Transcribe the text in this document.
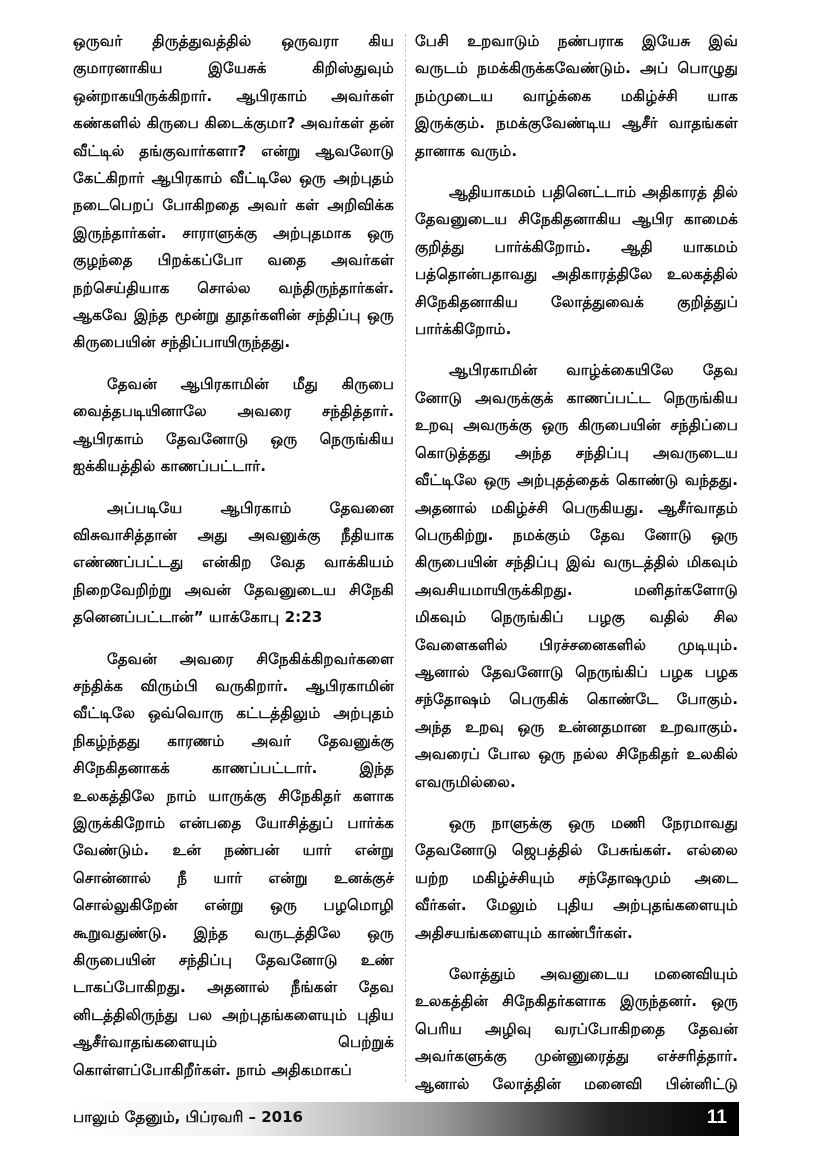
ஒருவர் திருத்துவத்தில் ஒருவரா கிய குமாரனாகிய இயேசுக் கிறிஸ்துவும் ஒன்றாகயிருக்கிறார். ஆபிரகாம் அவர்கள் கண்களில் கிருபை கிடைக்குமா? அவர்கள் தன் வீட்டில் தங்குவார்களா? என்று ஆவலோடு கேட்கிறார் ஆபிரகாம் வீட்டிலே ஒரு அற்புதம் நடைபெறப் போகிறதை அவர் கள் அறிவிக்க இருந்தார்கள். சாராளுக்கு அற்புதமாக ஒரு குழந்தை பிறக்கப்போ வதை அவர்கள் நற்செய்தியாக சொல்ல வந்திருந்தார்கள். ஆகவே இந்த மூன்று தூதர்களின் சந்திப்பு ஒரு கிருபையின் சந்திப்பாயிருந்தது.

தேவன் ஆபிரகாமின் மீது கிருபை வைத்தபடியினாலே அவரை சந்தித்தார். ஆபிரகாம் தேவனோடு ஒரு நெருங்கிய ஐக்கியத்தில் காணப்பட்டார்.

அப்படியே ஆபிரகாம் தேவனை விசுவாசித்தான் அது அவனுக்கு நீதியாக எண்ணப்பட்டது என்கிற வேத வாக்கியம் நிறைவேறிற்று அவன் தேவனுடைய சிநேகி தனெனப்பட்டான்” யாக்கோபு 2:23

தேவன் அவரை சிநேகிக்கிறவர்களை சந்திக்க விரும்பி வருகிறார். ஆபிரகாமின் வீட்டிலே ஒவ்வொரு கட்டத்திலும் அற்புதம் நிகழ்ந்தது காரணம் அவர் தேவனுக்கு சிநேகிதனாகக் காணப்பட்டார். இந்த உலகத்திலே நாம் யாருக்கு சிநேகிதர் களாக இருக்கிறோம் என்பதை யோசித்துப் பார்க்க வேண்டும். உன் நண்பன் யார் என்று சொன்னால் நீ யார் என்று உனக்குச் சொல்லுகிறேன் என்று ஒரு பழமொழி கூறுவதுண்டு. இந்த வருடத்திலே ஒரு கிருபையின் சந்திப்பு தேவனோடு உண் டாகப்போகிறது. அதனால் நீங்கள் தேவ னிடத்திலிருந்து பல அற்புதங்களையும் புதிய ஆசீர்வாதங்களையும் பெற்றுக் கொள்ளப்போகிறீர்கள். நாம் அதிகமாகப்

பேசி உறவாடும் நண்பராக இயேசு இவ் வருடம் நமக்கிருக்கவேண்டும். அப் பொழுது நம்முடைய வாழ்க்கை மகிழ்ச்சி யாக இருக்கும். நமக்குவேண்டிய ஆசீர் வாதங்கள் தானாக வரும்.

ஆதியாகமம் பதினெட்டாம் அதிகாரத் தில் தேவனுடைய சிநேகிதனாகிய ஆபிர காமைக் குறித்து பார்க்கிறோம். ஆதி யாகமம் பத்தொன்பதாவது அதிகாரத்திலே உலகத்தில் சிநேகிதனாகிய லோத்துவைக் குறித்துப் பார்க்கிறோம்.

ஆபிரகாமின் வாழ்க்கையிலே தேவ னோடு அவருக்குக் காணப்பட்ட நெருங்கிய உறவு அவருக்கு ஒரு கிருபையின் சந்திப்பை கொடுத்தது அந்த சந்திப்பு அவருடைய வீட்டிலே ஒரு அற்புதத்தைக் கொண்டு வந்தது. அதனால் மகிழ்ச்சி பெருகியது. ஆசீர்வாதம் பெருகிற்று. நமக்கும் தேவ னோடு ஒரு கிருபையின் சந்திப்பு இவ் வருடத்தில் மிகவும் அவசியமாயிருக்கிறது. மனிதர்களோடு மிகவும் நெருங்கிப் பழகு வதில் சில வேளைகளில் பிரச்சனைகளில் முடியும். ஆனால் தேவனோடு நெருங்கிப் பழக பழக சந்தோஷம் பெருகிக் கொண்டே போகும். அந்த உறவு ஒரு உன்னதமான உறவாகும். அவரைப் போல ஒரு நல்ல சிநேகிதர் உலகில் எவருமில்லை.

ஒரு நாளுக்கு ஒரு மணி நேரமாவது தேவனோடு ஜெபத்தில் பேசுங்கள். எல்லை யற்ற மகிழ்ச்சியும் சந்தோஷமும் அடை வீர்கள். மேலும் புதிய அற்புதங்களையும் அதிசயங்களையும் காண்பீர்கள்.

லோத்தும் அவனுடைய மனைவியும் உலகத்தின் சிநேகிதர்களாக இருந்தனர். ஒரு பெரிய அழிவு வரப்போகிறதை தேவன் அவர்களுக்கு முன்னுரைத்து எச்சரித்தார். ஆனால் லோத்தின் மனைவி பின்னிட்டு

பாலும் தேனும், பிப்ரவரி – 2016	11
